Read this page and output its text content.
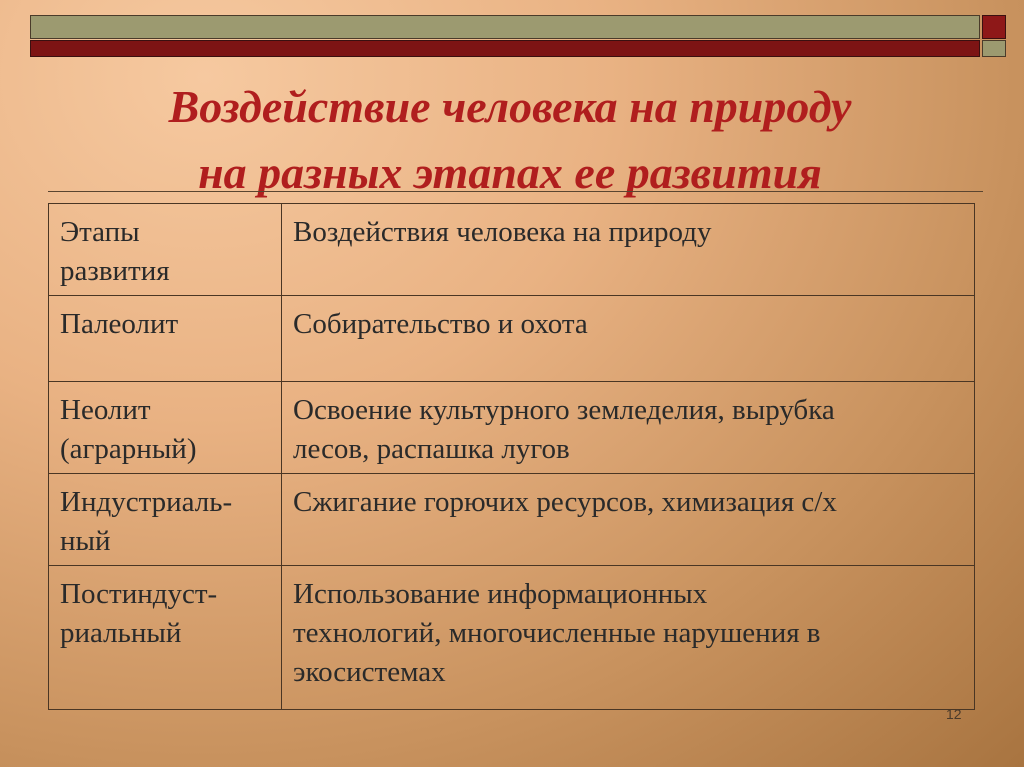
Воздействие человека на природу
на разных этапах ее развития
Этапы
развития	Воздействия человека на природу
Палеолит	Собирательство и охота
Неолит
(аграрный)	Освоение культурного земледелия, вырубка
лесов, распашка лугов
Индустриаль-
ный	Сжигание горючих ресурсов, химизация с/х
Постиндуст-
риальный	Использование информационных
технологий, многочисленные нарушения в
экосистемах
12
